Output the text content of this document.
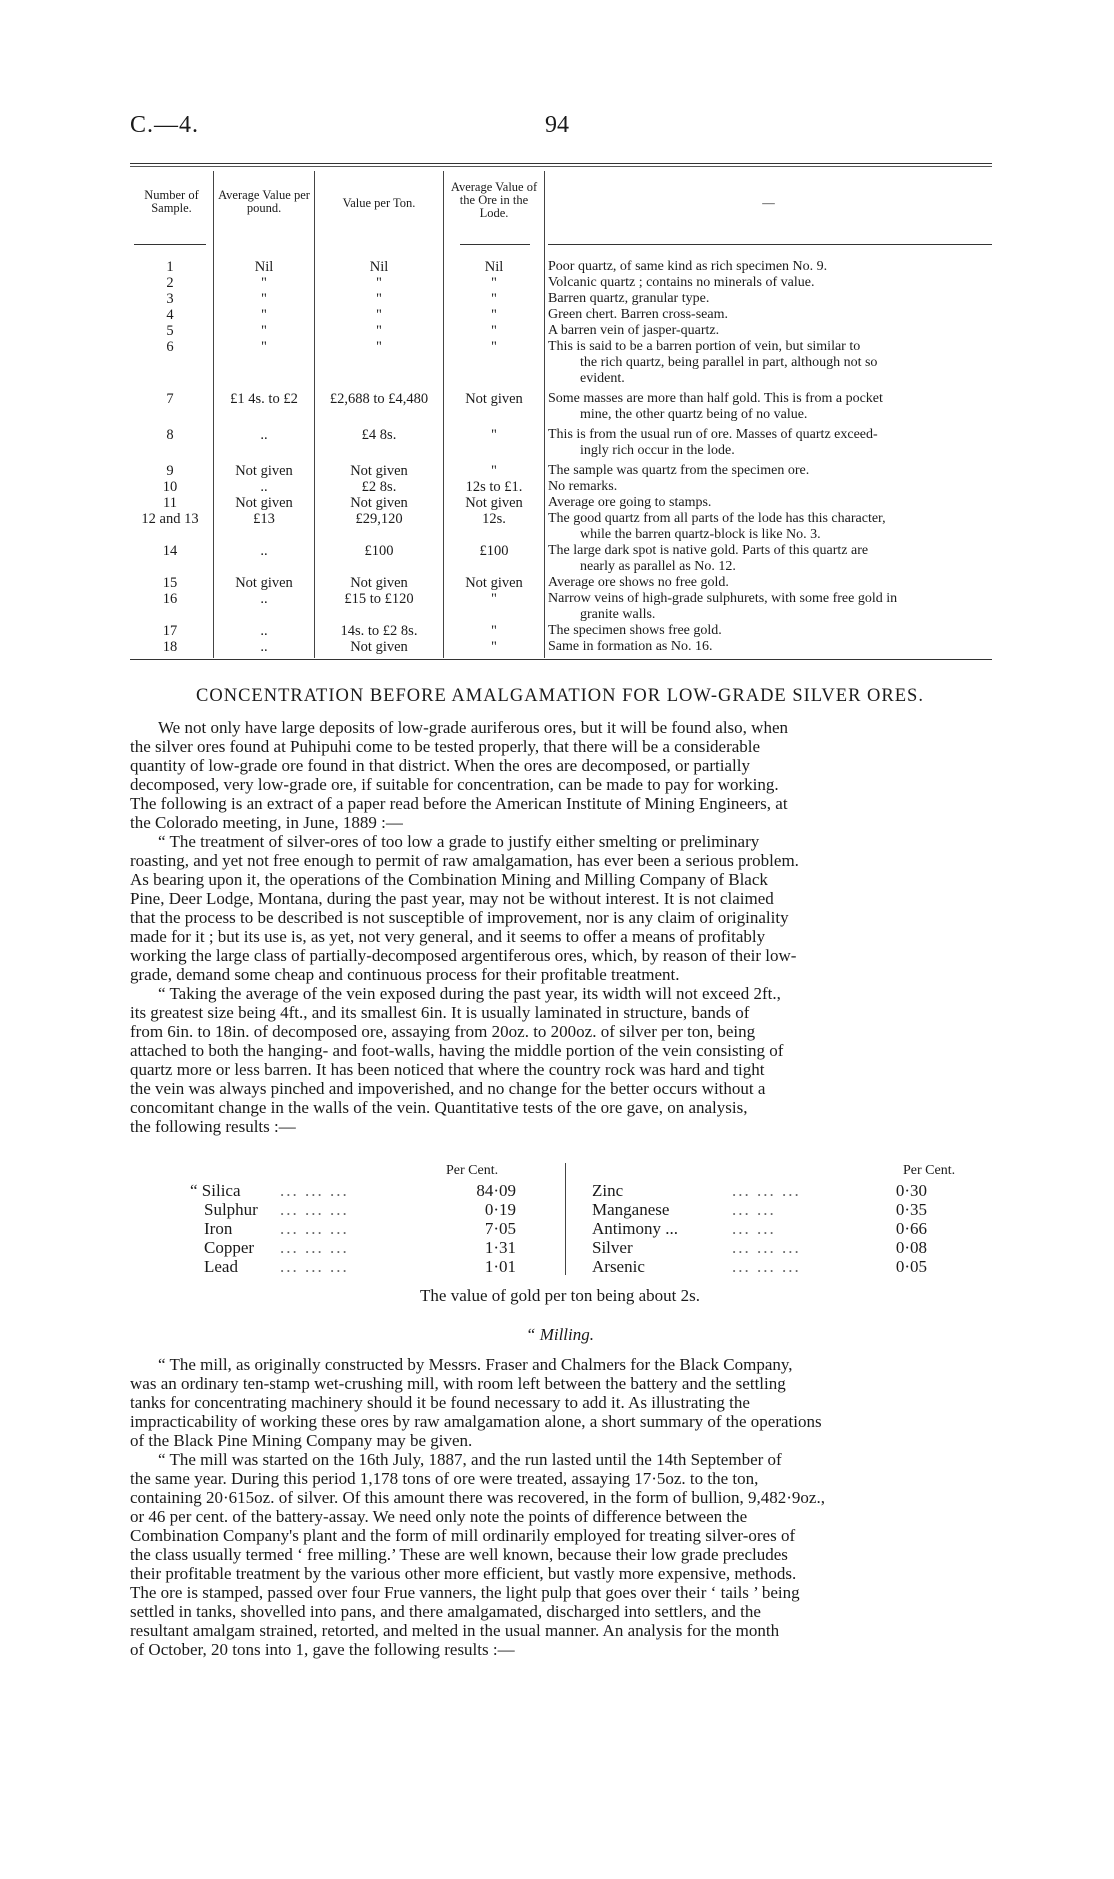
C.—4.	94
Number of Sample.
Average Value per pound.	Value per Ton.
Average Value of the Ore in the Lode.
—
1	Nil	Nil	Nil	Poor quartz, of same kind as rich specimen No. 9.
2	"	"	"	Volcanic quartz ; contains no minerals of value.
3	"	"	"	Barren quartz, granular type.
4	"	"	"	Green chert. Barren cross-seam.
5	"	"	"	A barren vein of jasper-quartz.
6	"	"	"	This is said to be a barren portion of vein, but similar to
the rich quartz, being parallel in part, although not so
evident.
7	£1 4s. to £2	£2,688 to £4,480	Not given	Some masses are more than half gold. This is from a pocket
mine, the other quartz being of no value.
8	..	£4 8s.	"	This is from the usual run of ore. Masses of quartz exceed-
ingly rich occur in the lode.
9	Not given	Not given	"	The sample was quartz from the specimen ore.
10	..	£2 8s.	12s to £1.	No remarks.
11	Not given	Not given	Not given	Average ore going to stamps.
12 and 13	£13	£29,120	12s.	The good quartz from all parts of the lode has this character,
while the barren quartz-block is like No. 3.
14	..	£100	£100	The large dark spot is native gold. Parts of this quartz are
nearly as parallel as No. 12.
15	Not given	Not given	Not given	Average ore shows no free gold.
16	..	£15 to £120	"	Narrow veins of high-grade sulphurets, with some free gold in
granite walls.
17	..	14s. to £2 8s.	"	The specimen shows free gold.
18	..	Not given	"	Same in formation as No. 16.
CONCENTRATION BEFORE AMALGAMATION FOR LOW-GRADE SILVER ORES.

We not only have large deposits of low-grade auriferous ores, but it will be found also, when
the silver ores found at Puhipuhi come to be tested properly, that there will be a considerable
quantity of low-grade ore found in that district. When the ores are decomposed, or partially
decomposed, very low-grade ore, if suitable for concentration, can be made to pay for working.
The following is an extract of a paper read before the American Institute of Mining Engineers, at
the Colorado meeting, in June, 1889 :—

“ The treatment of silver-ores of too low a grade to justify either smelting or preliminary
roasting, and yet not free enough to permit of raw amalgamation, has ever been a serious problem.
As bearing upon it, the operations of the Combination Mining and Milling Company of Black
Pine, Deer Lodge, Montana, during the past year, may not be without interest. It is not claimed
that the process to be described is not susceptible of improvement, nor is any claim of originality
made for it ; but its use is, as yet, not very general, and it seems to offer a means of profitably
working the large class of partially-decomposed argentiferous ores, which, by reason of their low-
grade, demand some cheap and continuous process for their profitable treatment.

“ Taking the average of the vein exposed during the past year, its width will not exceed 2ft.,
its greatest size being 4ft., and its smallest 6in. It is usually laminated in structure, bands of
from 6in. to 18in. of decomposed ore, assaying from 20oz. to 200oz. of silver per ton, being
attached to both the hanging- and foot-walls, having the middle portion of the vein consisting of
quartz more or less barren. It has been noticed that where the country rock was hard and tight
the vein was always pinched and impoverished, and no change for the better occurs without a
concomitant change in the walls of the vein. Quantitative tests of the ore gave, on analysis,
the following results :—

Per Cent.	Per Cent.
“ Silica ... ... ...	84·09
Sulphur ... ... ...	0·19
Iron	... ... ...	7·05
Copper ... ... ...	1·31
Lead ... ... ...	1·01
Zinc	... ... ...	0·30
Manganese	... ...	0·35
Antimony ...	... ...	0·66
Silver	... ... ...	0·08
Arsenic	... ... ...	0·05
The value of gold per ton being about 2s.
“ Milling.

“ The mill, as originally constructed by Messrs. Fraser and Chalmers for the Black Company,
was an ordinary ten-stamp wet-crushing mill, with room left between the battery and the settling
tanks for concentrating machinery should it be found necessary to add it. As illustrating the
impracticability of working these ores by raw amalgamation alone, a short summary of the operations
of the Black Pine Mining Company may be given.

“ The mill was started on the 16th July, 1887, and the run lasted until the 14th September of
the same year. During this period 1,178 tons of ore were treated, assaying 17·5oz. to the ton,
containing 20·615oz. of silver. Of this amount there was recovered, in the form of bullion, 9,482·9oz.,
or 46 per cent. of the battery-assay. We need only note the points of difference between the
Combination Company's plant and the form of mill ordinarily employed for treating silver-ores of
the class usually termed ‘ free milling.’ These are well known, because their low grade precludes
their profitable treatment by the various other more efficient, but vastly more expensive, methods.
The ore is stamped, passed over four Frue vanners, the light pulp that goes over their ‘ tails ’ being
settled in tanks, shovelled into pans, and there amalgamated, discharged into settlers, and the
resultant amalgam strained, retorted, and melted in the usual manner. An analysis for the month
of October, 20 tons into 1, gave the following results :—
